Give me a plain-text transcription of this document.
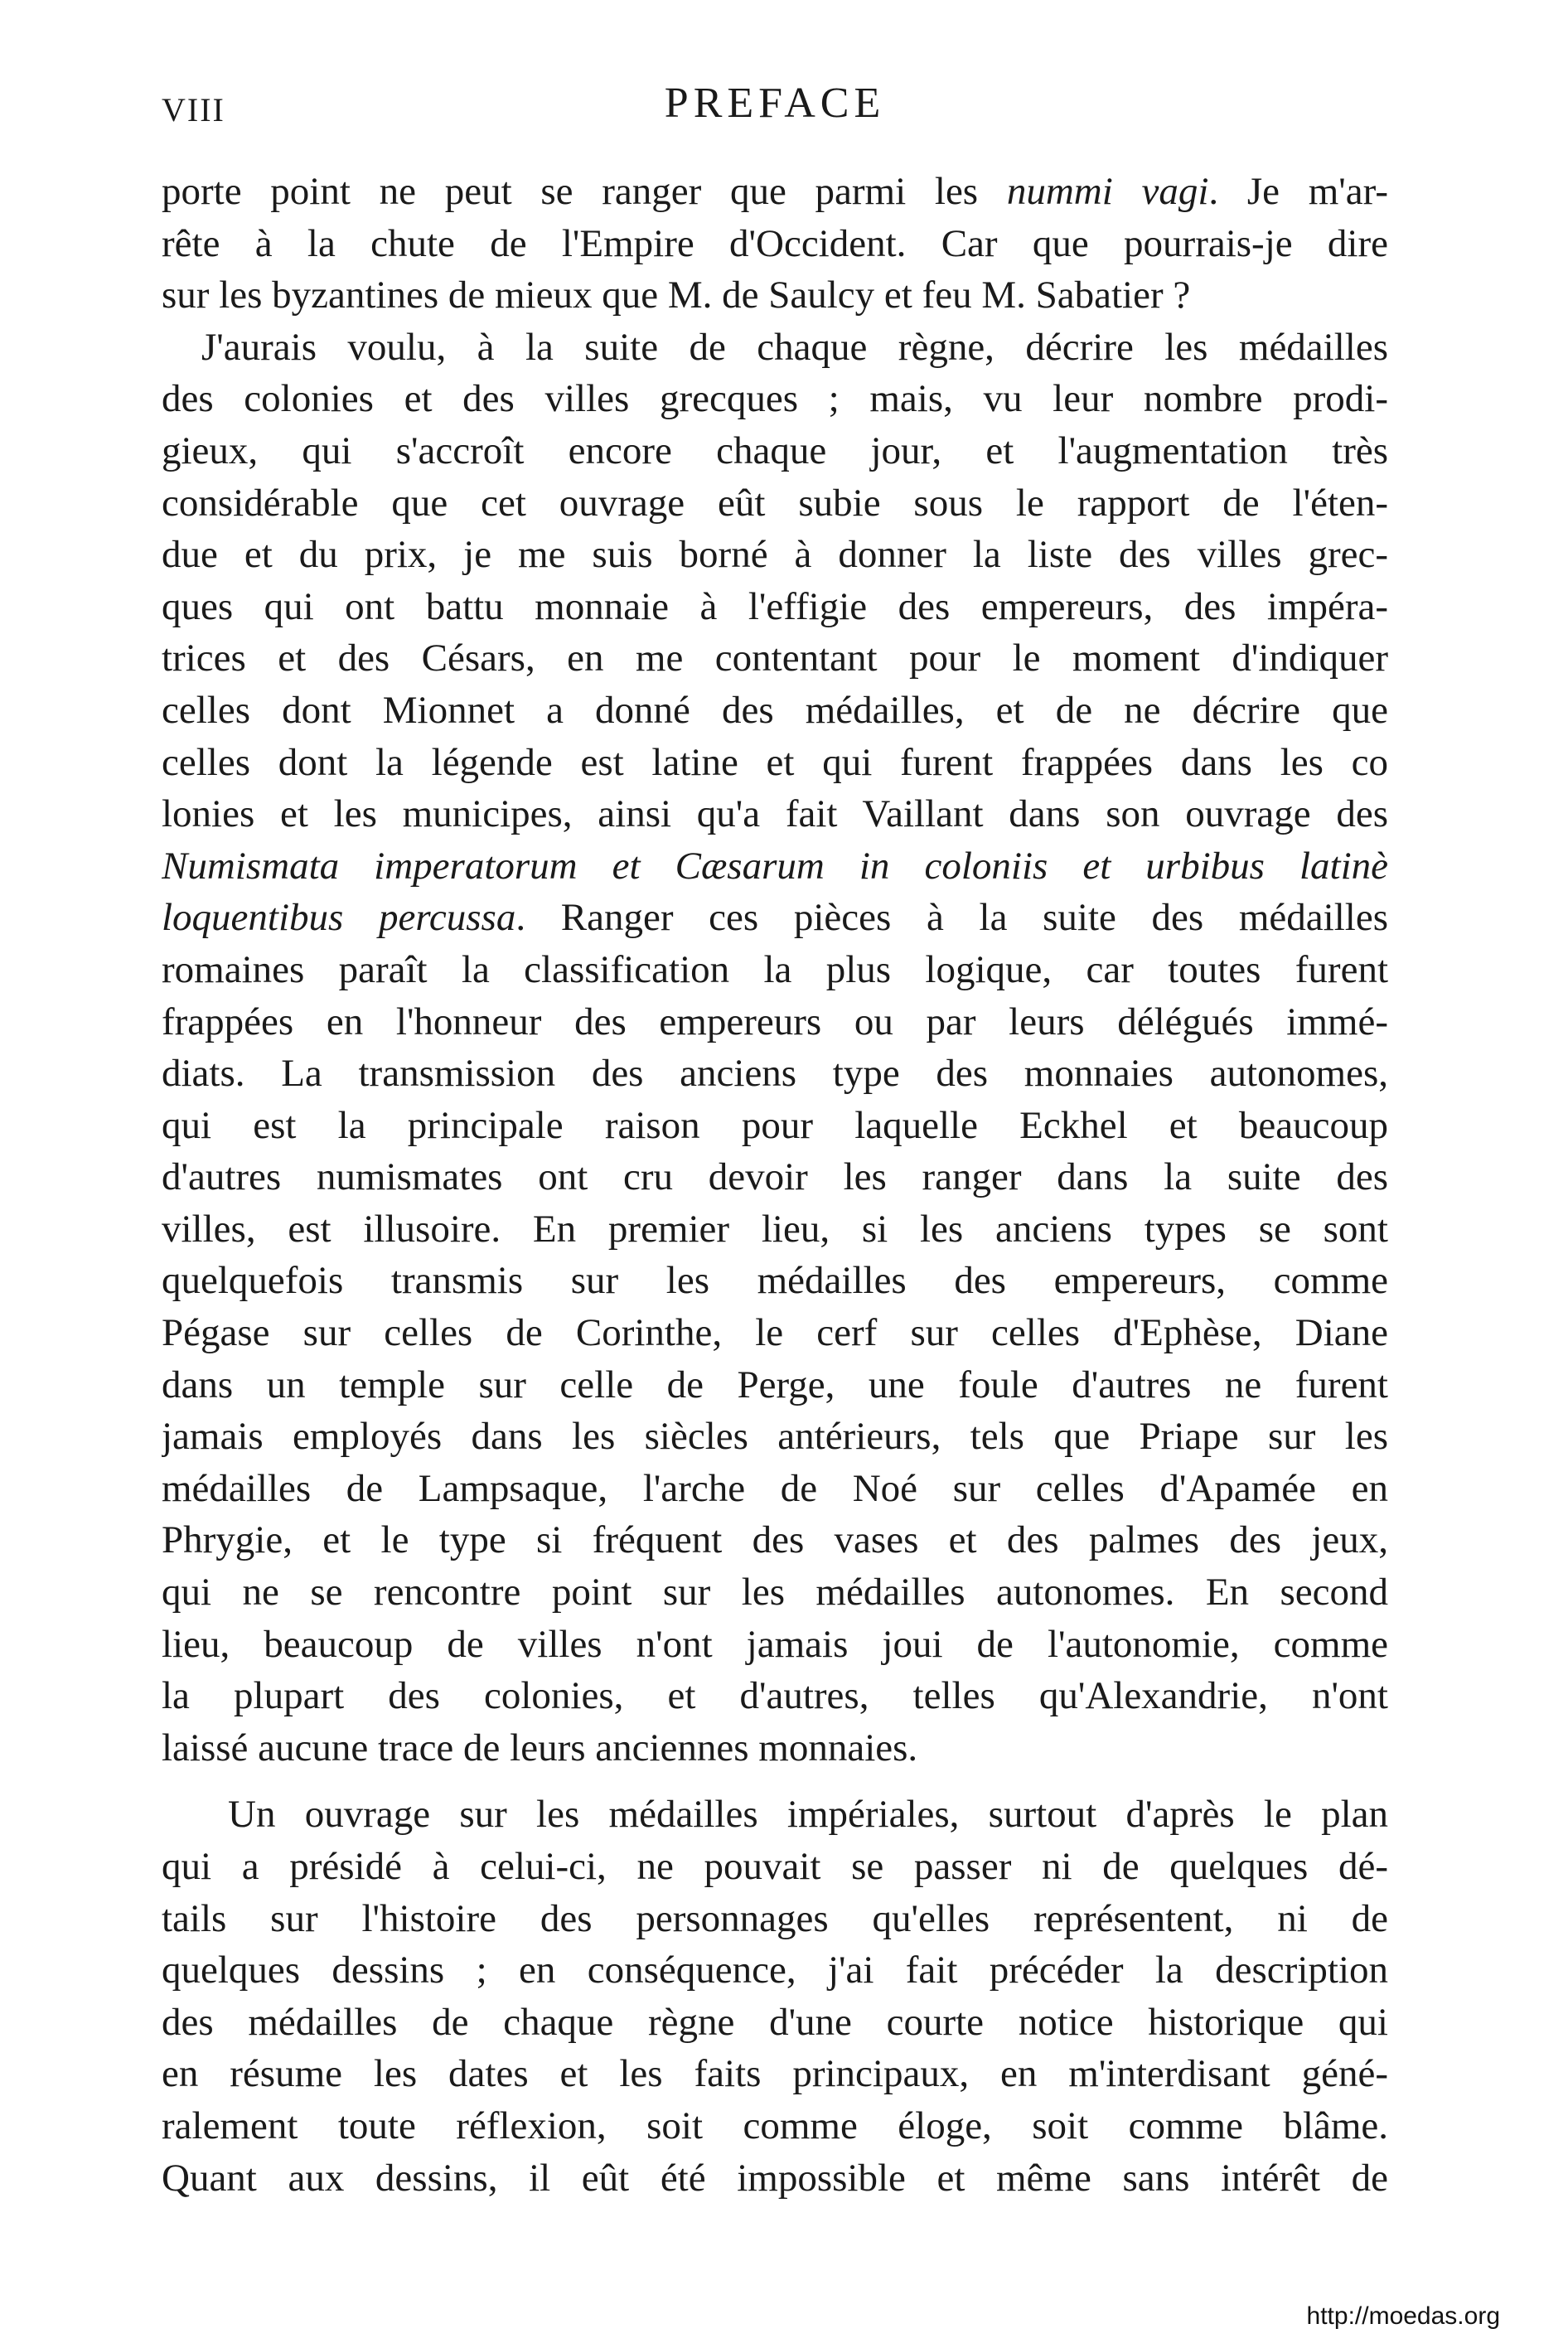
VIII	PREFACE
porte point ne peut se ranger que parmi les nummi vagi. Je m'ar-
rête à la chute de l'Empire d'Occident. Car que pourrais-je dire
sur les byzantines de mieux que M. de Saulcy et feu M. Sabatier ?
J'aurais voulu, à la suite de chaque règne, décrire les médailles
des colonies et des villes grecques ; mais, vu leur nombre prodi-
gieux, qui s'accroît encore chaque jour, et l'augmentation très
considérable que cet ouvrage eût subie sous le rapport de l'éten-
due et du prix, je me suis borné à donner la liste des villes grec-
ques qui ont battu monnaie à l'effigie des empereurs, des impéra-
trices et des Césars, en me contentant pour le moment d'indiquer
celles dont Mionnet a donné des médailles, et de ne décrire que
celles dont la légende est latine et qui furent frappées dans les co
lonies et les municipes, ainsi qu'a fait Vaillant dans son ouvrage des
Numismata imperatorum et Cæsarum in coloniis et urbibus latinè
loquentibus percussa. Ranger ces pièces à la suite des médailles
romaines paraît la classification la plus logique, car toutes furent
frappées en l'honneur des empereurs ou par leurs délégués immé-
diats. La transmission des anciens type des monnaies autonomes,
qui est la principale raison pour laquelle Eckhel et beaucoup
d'autres numismates ont cru devoir les ranger dans la suite des
villes, est illusoire. En premier lieu, si les anciens types se sont
quelquefois transmis sur les médailles des empereurs, comme
Pégase sur celles de Corinthe, le cerf sur celles d'Ephèse, Diane
dans un temple sur celle de Perge, une foule d'autres ne furent
jamais employés dans les siècles antérieurs, tels que Priape sur les
médailles de Lampsaque, l'arche de Noé sur celles d'Apamée en
Phrygie, et le type si fréquent des vases et des palmes des jeux,
qui ne se rencontre point sur les médailles autonomes. En second
lieu, beaucoup de villes n'ont jamais joui de l'autonomie, comme
la plupart des colonies, et d'autres, telles qu'Alexandrie, n'ont
laissé aucune trace de leurs anciennes monnaies.
Un ouvrage sur les médailles impériales, surtout d'après le plan
qui a présidé à celui-ci, ne pouvait se passer ni de quelques dé-
tails sur l'histoire des personnages qu'elles représentent, ni de
quelques dessins ; en conséquence, j'ai fait précéder la description
des médailles de chaque règne d'une courte notice historique qui
en résume les dates et les faits principaux, en m'interdisant géné-
ralement toute réflexion, soit comme éloge, soit comme blâme.
Quant aux dessins, il eût été impossible et même sans intérêt de
http://moedas.org
